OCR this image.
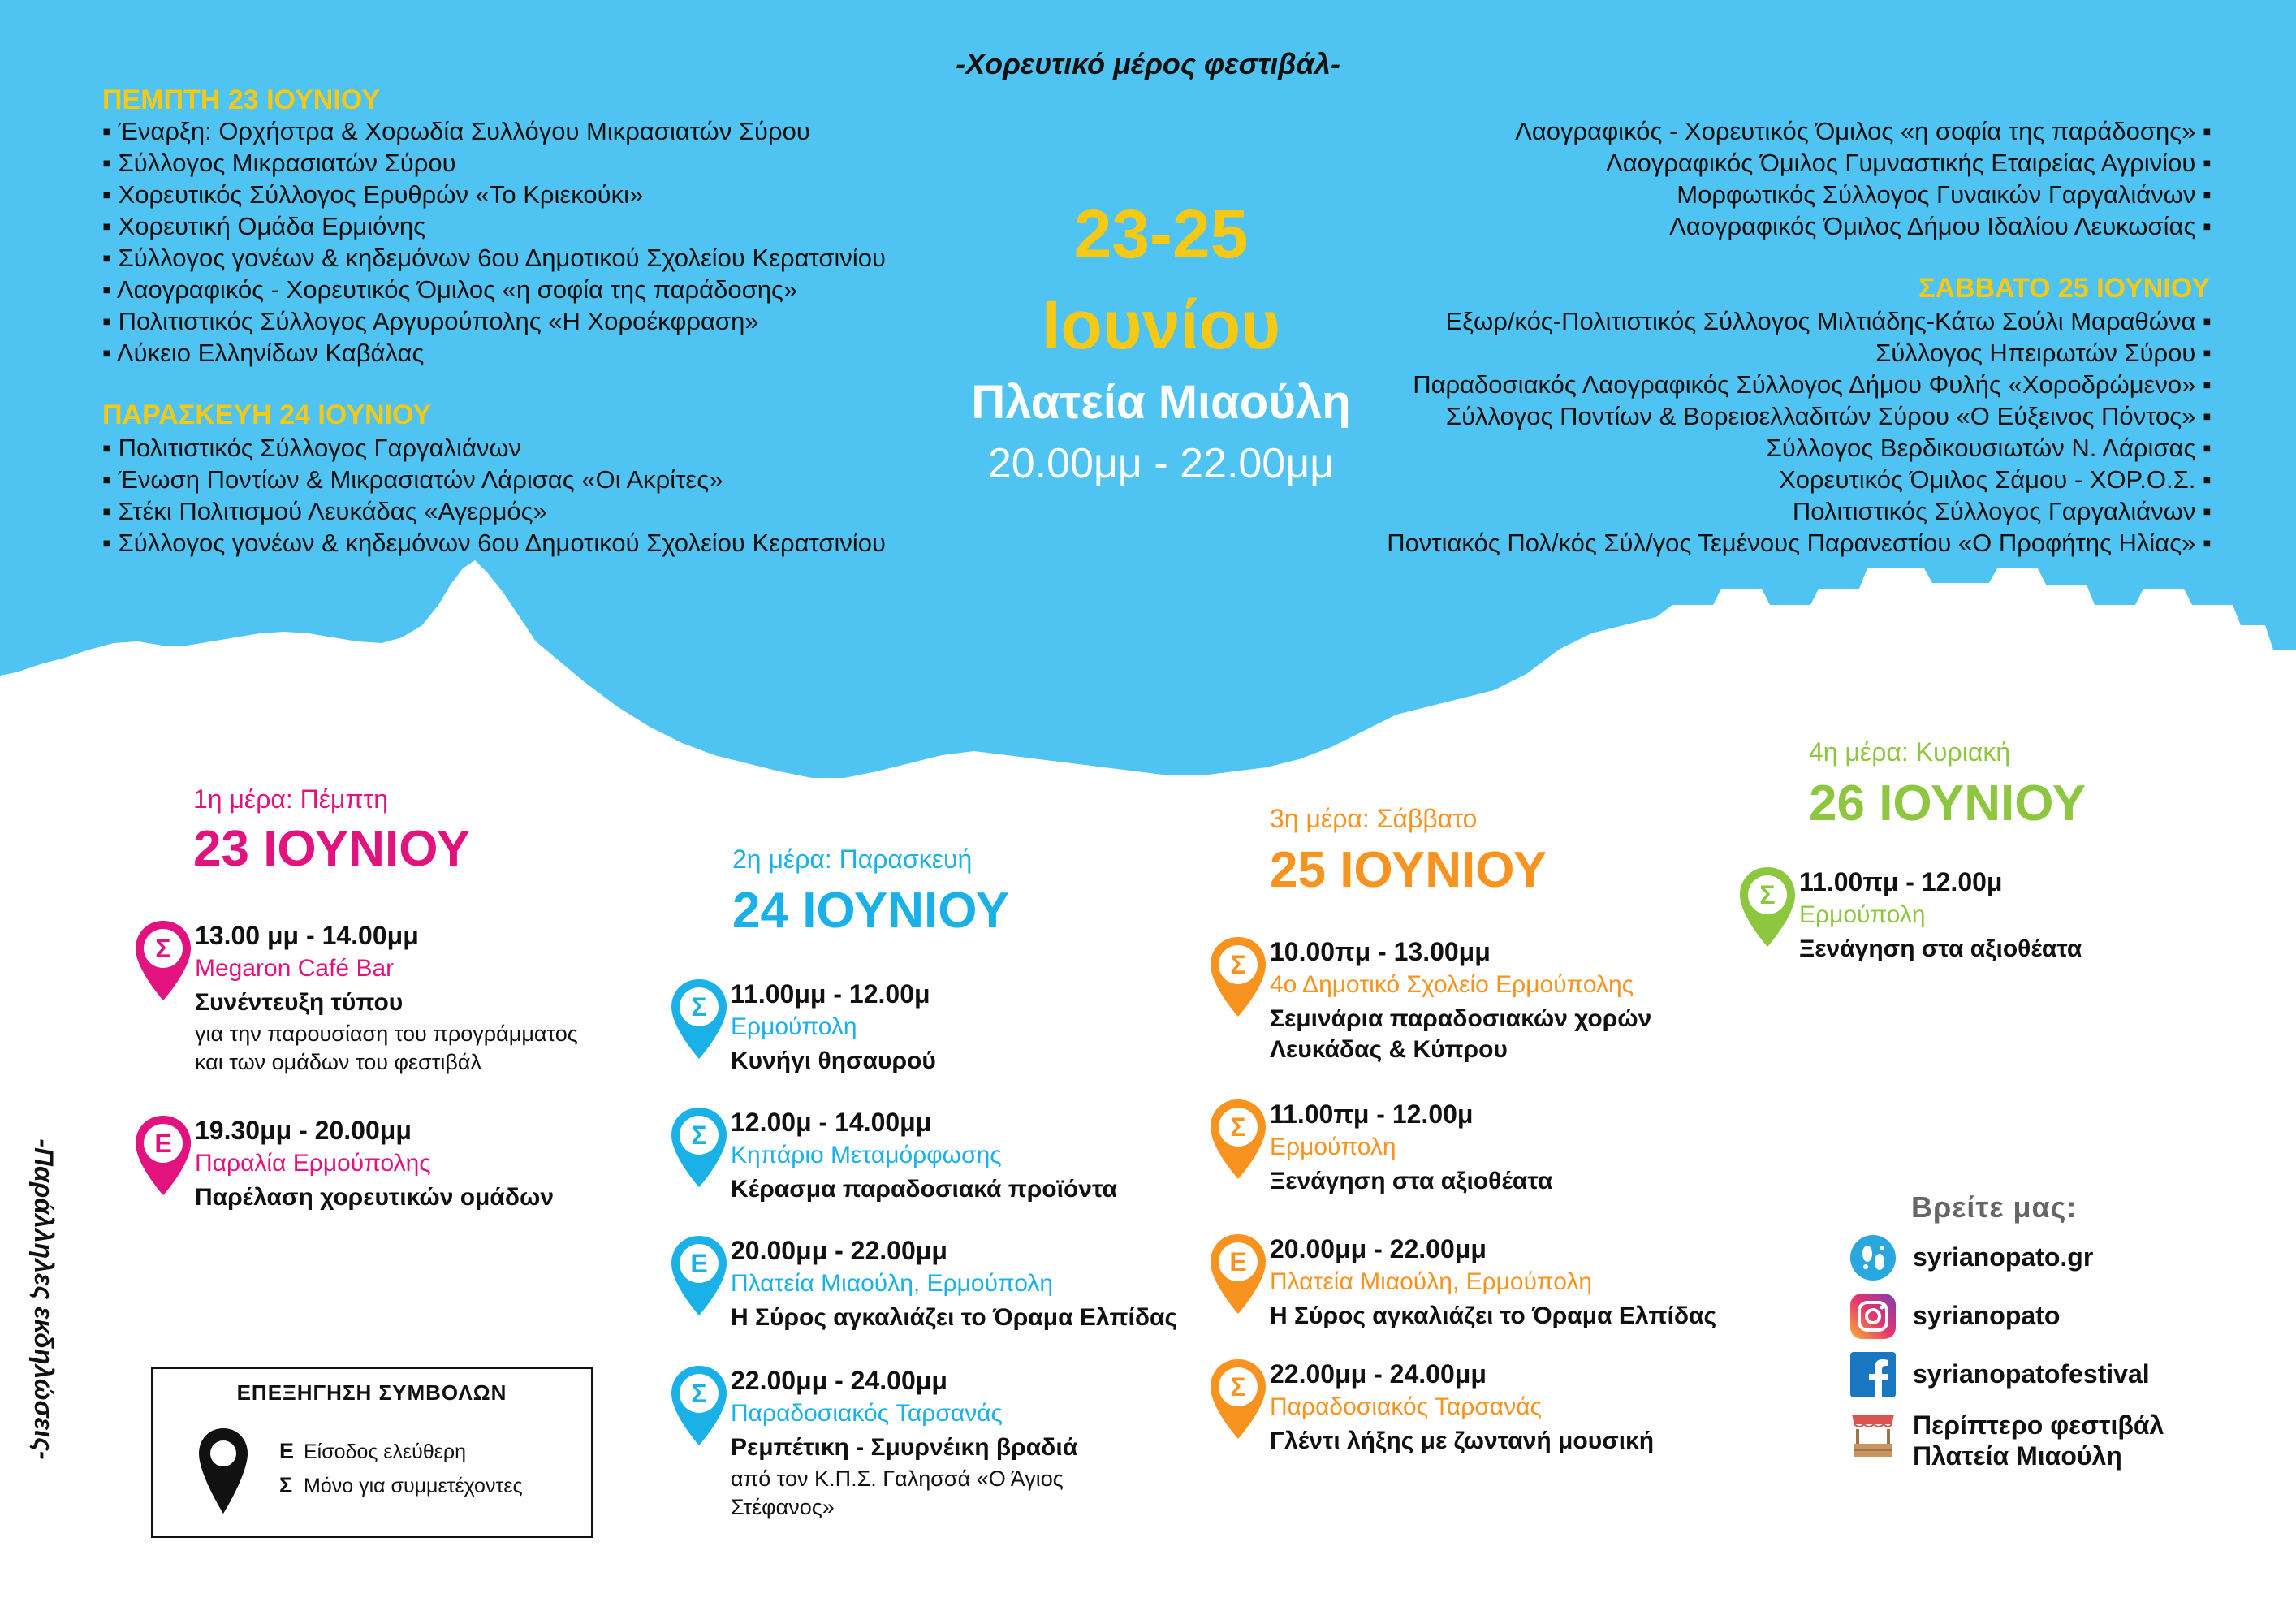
-Χορευτικό μέρος φεστιβάλ-
ΠΕΜΠΤΗ 23 ΙΟΥΝΙΟΥ
▪ Έναρξη: Ορχήστρα & Χορωδία Συλλόγου Μικρασιατών Σύρου
▪ Σύλλογος Μικρασιατών Σύρου
▪ Χορευτικός Σύλλογος Ερυθρών «Το Κριεκούκι»
▪ Χορευτική Ομάδα Ερμιόνης
▪ Σύλλογος γονέων & κηδεμόνων 6ου Δημοτικού Σχολείου Κερατσινίου
▪ Λαογραφικός - Χορευτικός Όμιλος «η σοφία της παράδοσης»
▪ Πολιτιστικός Σύλλογος Αργυρούπολης «Η Χοροέκφραση»
▪ Λύκειο Ελληνίδων Καβάλας
ΠΑΡΑΣΚΕΥΗ 24 ΙΟΥΝΙΟΥ
▪ Πολιτιστικός Σύλλογος Γαργαλιάνων
▪ Ένωση Ποντίων & Μικρασιατών Λάρισας «Οι Ακρίτες»
▪ Στέκι Πολιτισμού Λευκάδας «Αγερμός»
▪ Σύλλογος γονέων & κηδεμόνων 6ου Δημοτικού Σχολείου Κερατσινίου
23-25
Ιουνίου
Πλατεία Μιαούλη
20.00μμ - 22.00μμ
Λαογραφικός - Χορευτικός Όμιλος «η σοφία της παράδοσης» ▪
Λαογραφικός Όμιλος Γυμναστικής Εταιρείας Αγρινίου ▪
Μορφωτικός Σύλλογος Γυναικών Γαργαλιάνων ▪
Λαογραφικός Όμιλος Δήμου Ιδαλίου Λευκωσίας ▪
ΣΑΒΒΑΤΟ 25 ΙΟΥΝΙΟΥ
Εξωρ/κός-Πολιτιστικός Σύλλογος Μιλτιάδης-Κάτω Σούλι Μαραθώνα ▪
Σύλλογος Ηπειρωτών Σύρου ▪
Παραδοσιακός Λαογραφικός Σύλλογος Δήμου Φυλής «Χοροδρώμενο» ▪
Σύλλογος Ποντίων & Βορειοελλαδιτών Σύρου «Ο Εύξεινος Πόντος» ▪
Σύλλογος Βερδικουσιωτών Ν. Λάρισας ▪
Χορευτικός Όμιλος Σάμου - ΧΟΡ.Ο.Σ. ▪
Πολιτιστικός Σύλλογος Γαργαλιάνων ▪
Ποντιακός Πολ/κός Σύλ/γος Τεμένους Παρανεστίου «Ο Προφήτης Ηλίας» ▪
-Παράλληλες εκδηλώσεις-
1η μέρα: Πέμπτη
23 ΙΟΥΝΙΟΥ
Σ 13.00 μμ - 14.00μμ
Megaron Café Bar
Συνέντευξη τύπου
για την παρουσίαση του προγράμματος
και των ομάδων του φεστιβάλ
Ε 19.30μμ - 20.00μμ
Παραλία Ερμούπολης
Παρέλαση χορευτικών ομάδων
2η μέρα: Παρασκευή
24 ΙΟΥΝΙΟΥ
Σ 11.00μμ - 12.00μ
Ερμούπολη
Κυνήγι θησαυρού
Σ 12.00μ - 14.00μμ
Κηπάριο Μεταμόρφωσης
Κέρασμα παραδοσιακά προϊόντα
Ε 20.00μμ - 22.00μμ
Πλατεία Μιαούλη, Ερμούπολη
Η Σύρος αγκαλιάζει το Όραμα Ελπίδας
Σ 22.00μμ - 24.00μμ
Παραδοσιακός Ταρσανάς
Ρεμπέτικη - Σμυρνέικη βραδιά
από τον Κ.Π.Σ. Γαλησσά «Ο Άγιος
Στέφανος»
3η μέρα: Σάββατο
25 ΙΟΥΝΙΟΥ
Σ 10.00πμ - 13.00μμ
4ο Δημοτικό Σχολείο Ερμούπολης
Σεμινάρια παραδοσιακών χορών
Λευκάδας & Κύπρου
Σ 11.00πμ - 12.00μ
Ερμούπολη
Ξενάγηση στα αξιοθέατα
Ε 20.00μμ - 22.00μμ
Πλατεία Μιαούλη, Ερμούπολη
Η Σύρος αγκαλιάζει το Όραμα Ελπίδας
Σ 22.00μμ - 24.00μμ
Παραδοσιακός Ταρσανάς
Γλέντι λήξης με ζωντανή μουσική
4η μέρα: Κυριακή
26 ΙΟΥΝΙΟΥ
Σ 11.00πμ - 12.00μ
Ερμούπολη
Ξενάγηση στα αξιοθέατα
ΕΠΕΞΗΓΗΣΗ ΣΥΜΒΟΛΩΝ
Ε Είσοδος ελεύθερη
Σ Μόνο για συμμετέχοντες
Βρείτε μας:
syrianopato.gr
syrianopato
syrianopatofestival
Περίπτερο φεστιβάλ
Πλατεία Μιαούλη
